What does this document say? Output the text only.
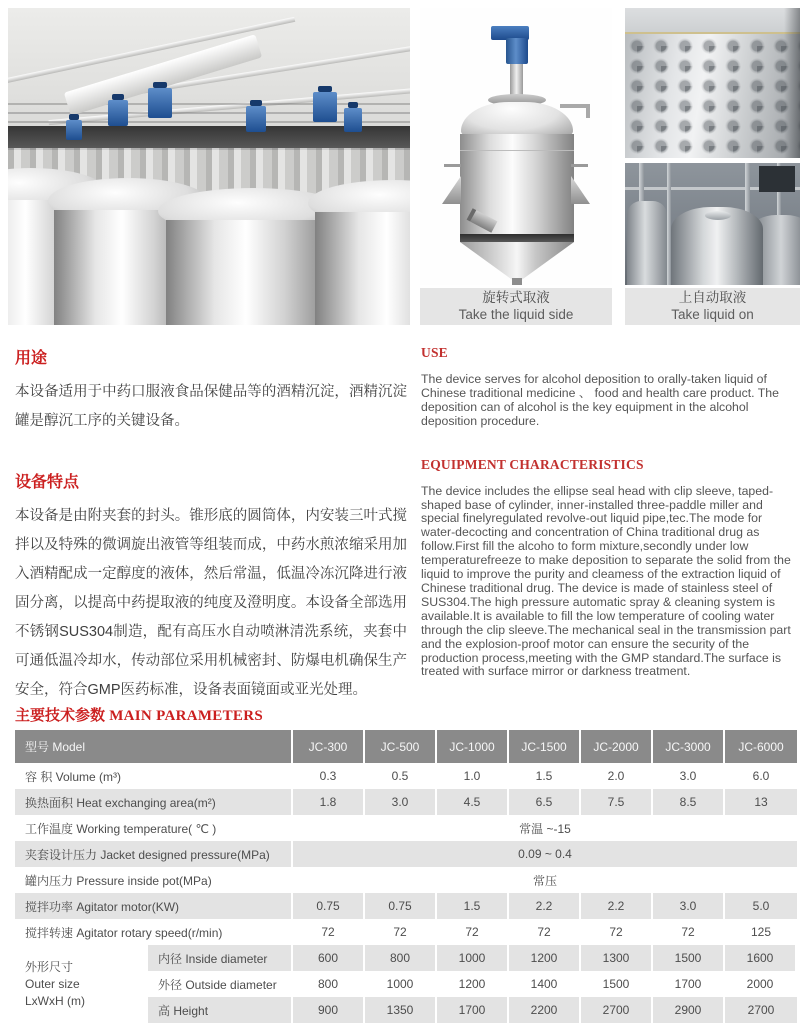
旋转式取液
Take the liquid side
上自动取液
Take liquid on
用途
本设备适用于中药口服液食品保健品等的酒精沉淀，酒精沉淀罐是醇沉工序的关键设备。
设备特点
本设备是由附夹套的封头。锥形底的圆筒体，内安装三叶式搅拌以及特殊的微调旋出液管等组装而成，中药水煎浓缩采用加入酒精配成一定醇度的液体，然后常温，低温冷冻沉降进行液固分离，以提高中药提取液的纯度及澄明度。本设备全部选用不锈钢SUS304制造，配有高压水自动喷淋清洗系统，夹套中可通低温冷却水，传动部位采用机械密封、防爆电机确保生产安全，符合GMP医药标准，设备表面镜面或亚光处理。
USE
The device serves for alcohol deposition to orally-taken liquid of Chinese traditional medicine 、 food and health care product. The deposition can of alcohol is the key equipment in the alcohol deposition procedure.
EQUIPMENT CHARACTERISTICS
The device includes the ellipse seal head with clip sleeve, taped-shaped base of cylinder, inner-installed three-paddle miller and special finelyregulated revolve-out liquid pipe,tec.The mode for water-decocting and concentration of China traditional drug as follow.First fill the alcoho to form mixture,secondly under low temperaturefreeze to make deposition to separate the solid from the liquid to improve the purity and cleamess of the extraction liquid of Chinese traditional drug. The device is made of stainless steel of SUS304.The high pressure automatic spray & cleaning system is available.It is available to fill the low temperature of cooling water through the clip sleeve.The mechanical seal in the transmission part and the explosion-proof motor can ensure the security of the production process,meeting with the GMP standard.The surface is treated with surface mirror or darkness treatment.
主要技术参数 MAIN PARAMETERS
型号 Model	JC-300	JC-500	JC-1000	JC-1500	JC-2000	JC-3000	JC-6000
容 积 Volume (m³)	0.3	0.5	1.0	1.5	2.0	3.0	6.0
换热面积 Heat exchanging area(m²)	1.8	3.0	4.5	6.5	7.5	8.5	13
工作温度 Working temperature( ℃ )	常温 ~-15
夹套设计压力 Jacket designed pressure(MPa)	0.09 ~ 0.4
罐内压力 Pressure inside pot(MPa)	常压
搅拌功率 Agitator motor(KW)	0.75	0.75	1.5	2.2	2.2	3.0	5.0
搅拌转速 Agitator rotary speed(r/min)	72	72	72	72	72	72	125
外形尺寸
Outer size
LxWxH (m)
内径 Inside diameter	600	800	1000	1200	1300	1500	1600
外径 Outside diameter	800	1000	1200	1400	1500	1700	2000
高 Height	900	1350	1700	2200	2700	2900	2700
